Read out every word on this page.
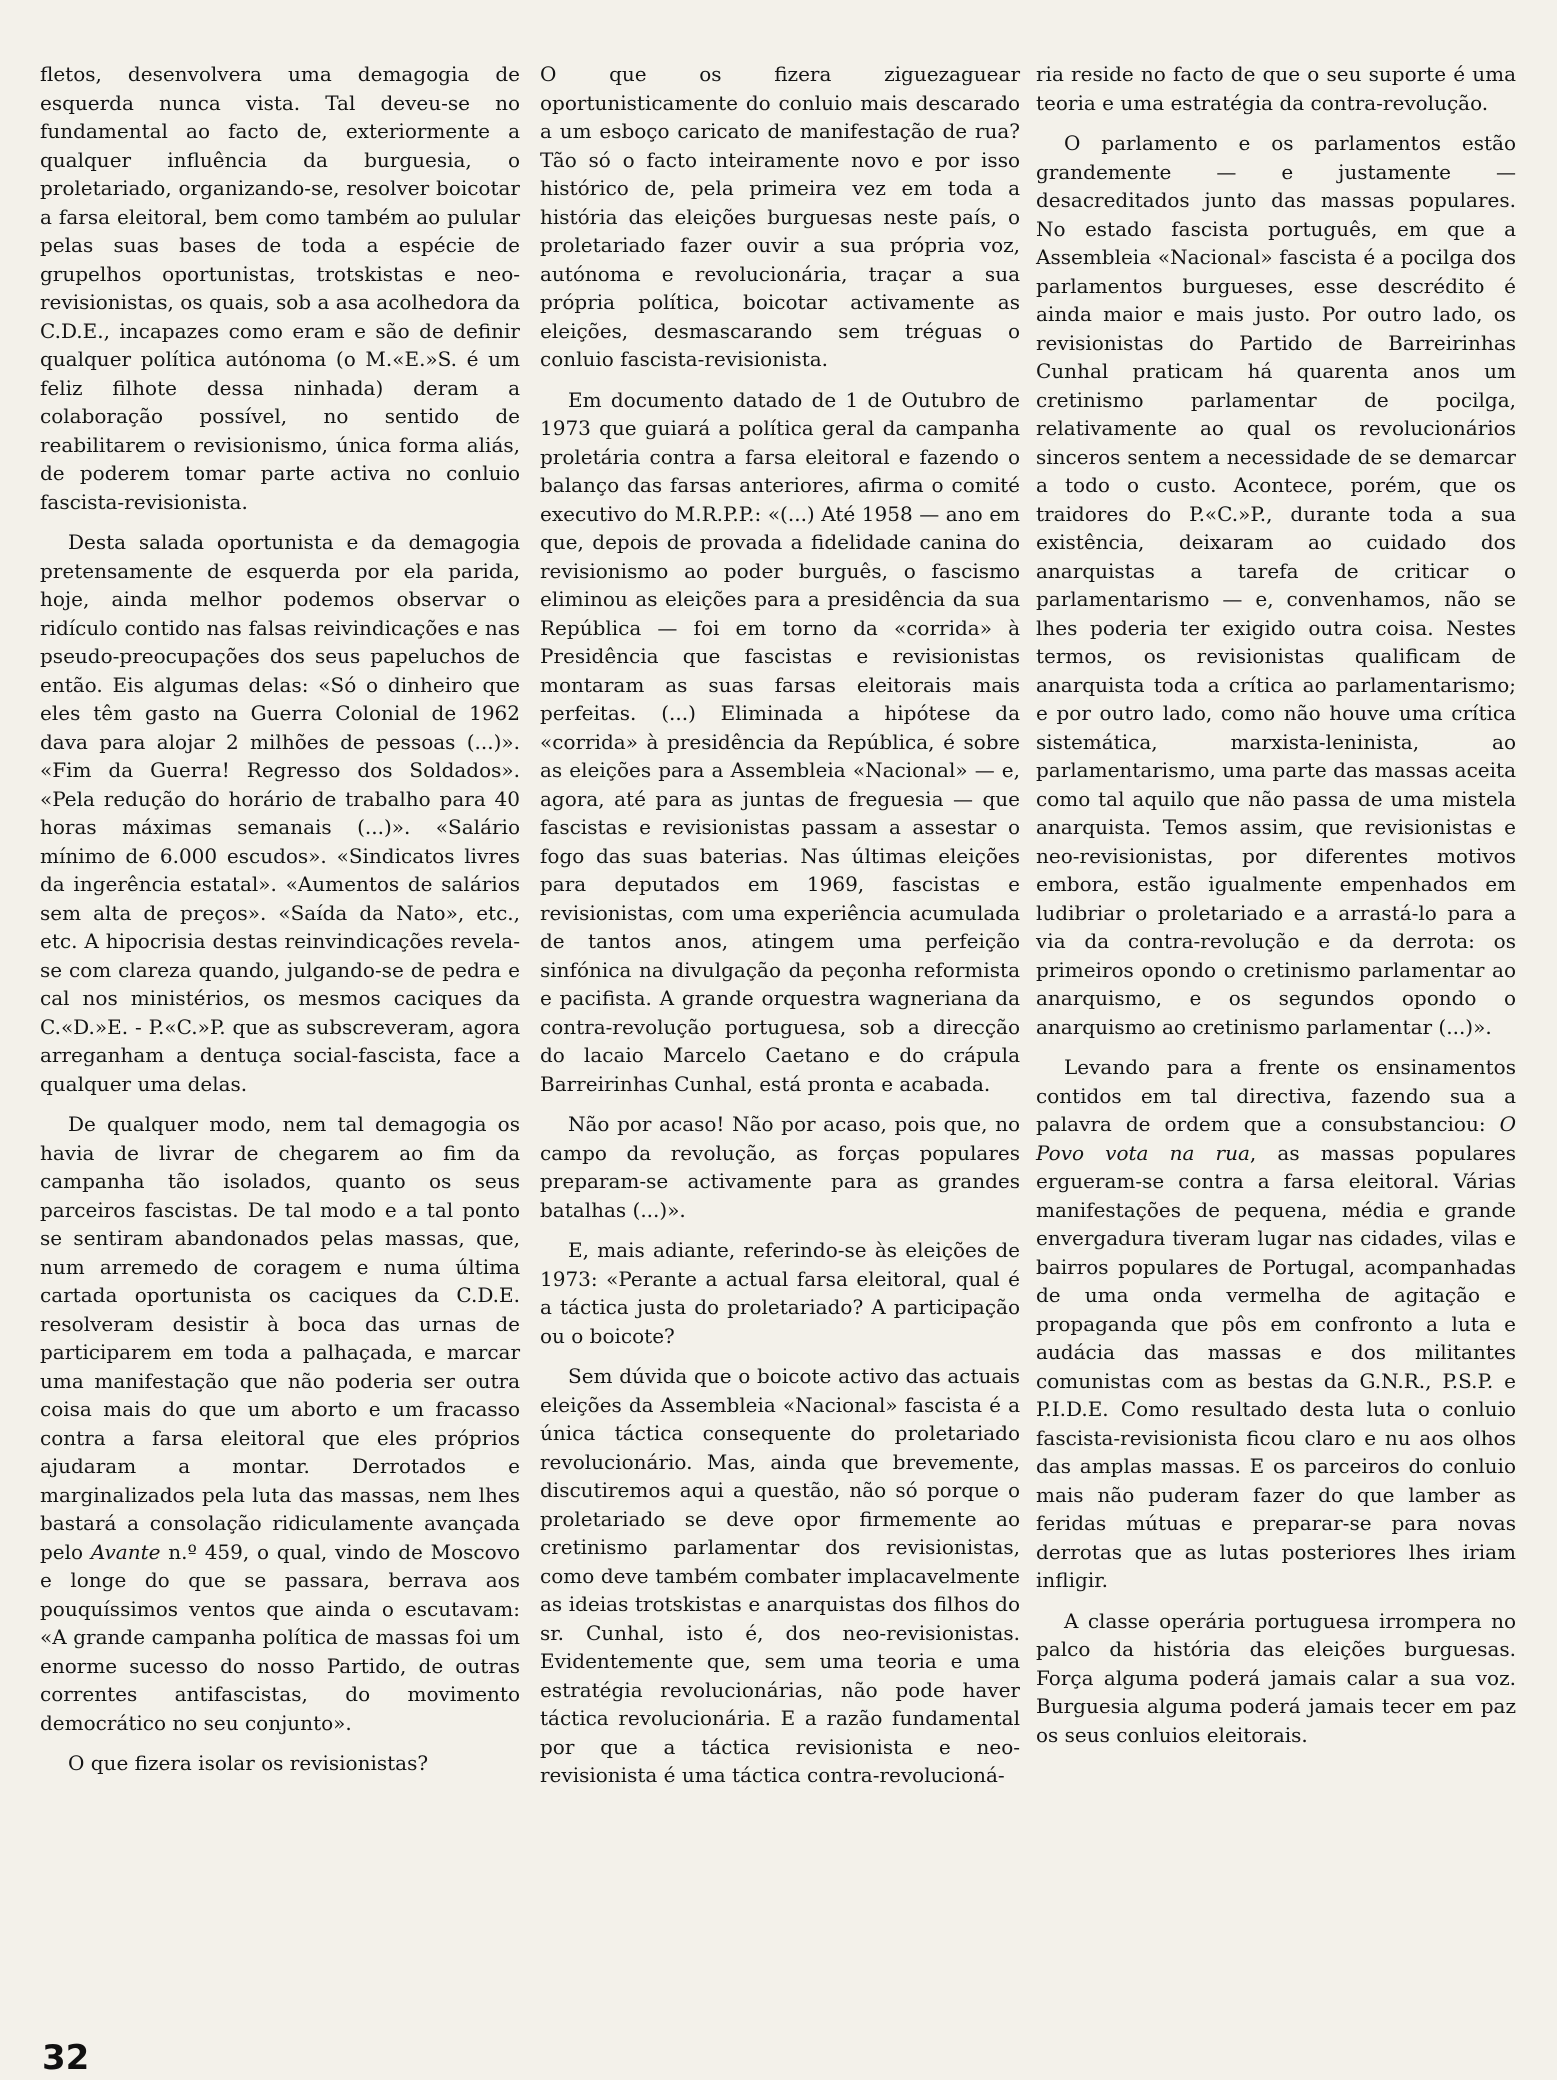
fletos, desenvolvera uma demagogia de esquerda nunca vista. Tal deveu-se no fundamental ao facto de, exteriormente a qualquer influência da burguesia, o proletariado, organizando-se, resolver boicotar a farsa eleitoral, bem como também ao pulular pelas suas bases de toda a espécie de grupelhos oportunistas, trotskistas e neo-revisionistas, os quais, sob a asa acolhedora da C.D.E., incapazes como eram e são de definir qualquer política autónoma (o M.«E.»S. é um feliz filhote dessa ninhada) deram a colaboração possível, no sentido de reabilitarem o revisionismo, única forma aliás, de poderem tomar parte activa no conluio fascista-revisionista.

Desta salada oportunista e da demagogia pretensamente de esquerda por ela parida, hoje, ainda melhor podemos observar o ridículo contido nas falsas reivindicações e nas pseudo-preocupações dos seus papeluchos de então. Eis algumas delas: «Só o dinheiro que eles têm gasto na Guerra Colonial de 1962 dava para alojar 2 milhões de pessoas (...)». «Fim da Guerra! Regresso dos Soldados». «Pela redução do horário de trabalho para 40 horas máximas semanais (...)». «Salário mínimo de 6.000 escudos». «Sindicatos livres da ingerência estatal». «Aumentos de salários sem alta de preços». «Saída da Nato», etc., etc. A hipocrisia destas reinvindicações revela-se com clareza quando, julgando-se de pedra e cal nos ministérios, os mesmos caciques da C.«D.»E. - P.«C.»P. que as subscreveram, agora arreganham a dentuça social-fascista, face a qualquer uma delas.

De qualquer modo, nem tal demagogia os havia de livrar de chegarem ao fim da campanha tão isolados, quanto os seus parceiros fascistas. De tal modo e a tal ponto se sentiram abandonados pelas massas, que, num arremedo de coragem e numa última cartada oportunista os caciques da C.D.E. resolveram desistir à boca das urnas de participarem em toda a palhaçada, e marcar uma manifestação que não poderia ser outra coisa mais do que um aborto e um fracasso contra a farsa eleitoral que eles próprios ajudaram a montar. Derrotados e marginalizados pela luta das massas, nem lhes bastará a consolação ridiculamente avançada pelo Avante n.º 459, o qual, vindo de Moscovo e longe do que se passara, berrava aos pouquíssimos ventos que ainda o escutavam: «A grande campanha política de massas foi um enorme sucesso do nosso Partido, de outras correntes antifascistas, do movimento democrático no seu conjunto».

O que fizera isolar os revisionistas?

O que os fizera ziguezaguear oportunisticamente do conluio mais descarado a um esboço caricato de manifestação de rua? Tão só o facto inteiramente novo e por isso histórico de, pela primeira vez em toda a história das eleições burguesas neste país, o proletariado fazer ouvir a sua própria voz, autónoma e revolucionária, traçar a sua própria política, boicotar activamente as eleições, desmascarando sem tréguas o conluio fascista-revisionista.

Em documento datado de 1 de Outubro de 1973 que guiará a política geral da campanha proletária contra a farsa eleitoral e fazendo o balanço das farsas anteriores, afirma o comité executivo do M.R.P.P.: «(...) Até 1958 — ano em que, depois de provada a fidelidade canina do revisionismo ao poder burguês, o fascismo eliminou as eleições para a presidência da sua República — foi em torno da «corrida» à Presidência que fascistas e revisionistas montaram as suas farsas eleitorais mais perfeitas. (...) Eliminada a hipótese da «corrida» à presidência da República, é sobre as eleições para a Assembleia «Nacional» — e, agora, até para as juntas de freguesia — que fascistas e revisionistas passam a assestar o fogo das suas baterias. Nas últimas eleições para deputados em 1969, fascistas e revisionistas, com uma experiência acumulada de tantos anos, atingem uma perfeição sinfónica na divulgação da peçonha reformista e pacifista. A grande orquestra wagneriana da contra-revolução portuguesa, sob a direcção do lacaio Marcelo Caetano e do crápula Barreirinhas Cunhal, está pronta e acabada.

Não por acaso! Não por acaso, pois que, no campo da revolução, as forças populares preparam-se activamente para as grandes batalhas (...)».

E, mais adiante, referindo-se às eleições de 1973: «Perante a actual farsa eleitoral, qual é a táctica justa do proletariado? A participação ou o boicote?

Sem dúvida que o boicote activo das actuais eleições da Assembleia «Nacional» fascista é a única táctica consequente do proletariado revolucionário. Mas, ainda que brevemente, discutiremos aqui a questão, não só porque o proletariado se deve opor firmemente ao cretinismo parlamentar dos revisionistas, como deve também combater implacavelmente as ideias trotskistas e anarquistas dos filhos do sr. Cunhal, isto é, dos neo-revisionistas. Evidentemente que, sem uma teoria e uma estratégia revolucionárias, não pode haver táctica revolucionária. E a razão fundamental por que a táctica revisionista e neo-revisionista é uma táctica contra-revolucioná-

ria reside no facto de que o seu suporte é uma teoria e uma estratégia da contra-revolução.

O parlamento e os parlamentos estão grandemente — e justamente — desacreditados junto das massas populares. No estado fascista português, em que a Assembleia «Nacional» fascista é a pocilga dos parlamentos burgueses, esse descrédito é ainda maior e mais justo. Por outro lado, os revisionistas do Partido de Barreirinhas Cunhal praticam há quarenta anos um cretinismo parlamentar de pocilga, relativamente ao qual os revolucionários sinceros sentem a necessidade de se demarcar a todo o custo. Acontece, porém, que os traidores do P.«C.»P., durante toda a sua existência, deixaram ao cuidado dos anarquistas a tarefa de criticar o parlamentarismo — e, convenhamos, não se lhes poderia ter exigido outra coisa. Nestes termos, os revisionistas qualificam de anarquista toda a crítica ao parlamentarismo; e por outro lado, como não houve uma crítica sistemática, marxista-leninista, ao parlamentarismo, uma parte das massas aceita como tal aquilo que não passa de uma mistela anarquista. Temos assim, que revisionistas e neo-revisionistas, por diferentes motivos embora, estão igualmente empenhados em ludibriar o proletariado e a arrastá-lo para a via da contra-revolução e da derrota: os primeiros opondo o cretinismo parlamentar ao anarquismo, e os segundos opondo o anarquismo ao cretinismo parlamentar (...)».

Levando para a frente os ensinamentos contidos em tal directiva, fazendo sua a palavra de ordem que a consubstanciou: O Povo vota na rua, as massas populares ergueram-se contra a farsa eleitoral. Várias manifestações de pequena, média e grande envergadura tiveram lugar nas cidades, vilas e bairros populares de Portugal, acompanhadas de uma onda vermelha de agitação e propaganda que pôs em confronto a luta e audácia das massas e dos militantes comunistas com as bestas da G.N.R., P.S.P. e P.I.D.E. Como resultado desta luta o conluio fascista-revisionista ficou claro e nu aos olhos das amplas massas. E os parceiros do conluio mais não puderam fazer do que lamber as feridas mútuas e preparar-se para novas derrotas que as lutas posteriores lhes iriam infligir.

A classe operária portuguesa irrompera no palco da história das eleições burguesas. Força alguma poderá jamais calar a sua voz. Burguesia alguma poderá jamais tecer em paz os seus conluios eleitorais.

32
